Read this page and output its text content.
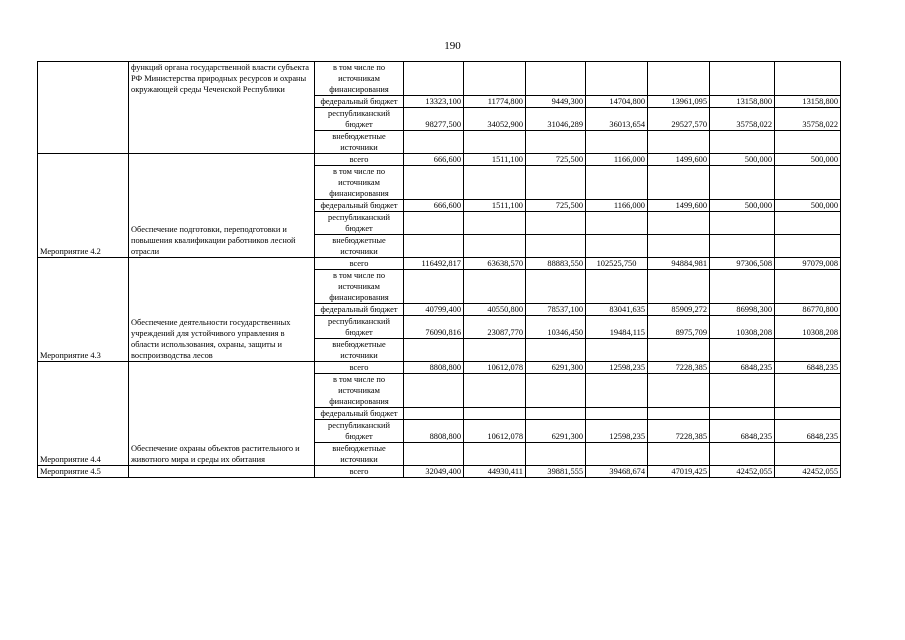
190
	функций органа государственной власти субъекта РФ Министерства природных ресурсов и охраны окружающей среды Чеченской Республики	в том числе по источникам финансирования							
		федеральный бюджет	13323,100	11774,800	9449,300	14704,800	13961,095	13158,800	13158,800
		республиканский бюджет	98277,500	34052,900	31046,289	36013,654	29527,570	35758,022	35758,022
		внебюджетные источники							
Мероприятие 4.2	Обеспечение подготовки, переподготовки и повышения квалификации работников лесной отрасли	всего	666,600	1511,100	725,500	1166,000	1499,600	500,000	500,000
		в том числе по источникам финансирования							
		федеральный бюджет	666,600	1511,100	725,500	1166,000	1499,600	500,000	500,000
		республиканский бюджет							
		внебюджетные источники							
Мероприятие 4.3	Обеспечение деятельности государственных учреждений для устойчивого управления в области использования, охраны, защиты и воспроизводства лесов	всего	116492,817	63638,570	88883,550	102525,750	94884,981	97306,508	97079,008
		в том числе по источникам финансирования							
		федеральный бюджет	40799,400	40550,800	78537,100	83041,635	85909,272	86998,300	86770,800
		республиканский бюджет	76090,816	23087,770	10346,450	19484,115	8975,709	10308,208	10308,208
		внебюджетные источники							
Мероприятие 4.4	Обеспечение охраны объектов растительного и животного мира и среды их обитания	всего	8808,800	10612,078	6291,300	12598,235	7228,385	6848,235	6848,235
		в том числе по источникам финансирования							
		федеральный бюджет							
		республиканский бюджет	8808,800	10612,078	6291,300	12598,235	7228,385	6848,235	6848,235
		внебюджетные источники							
Мероприятие 4.5		всего	32049,400	44930,411	39881,555	39468,674	47019,425	42452,055	42452,055
